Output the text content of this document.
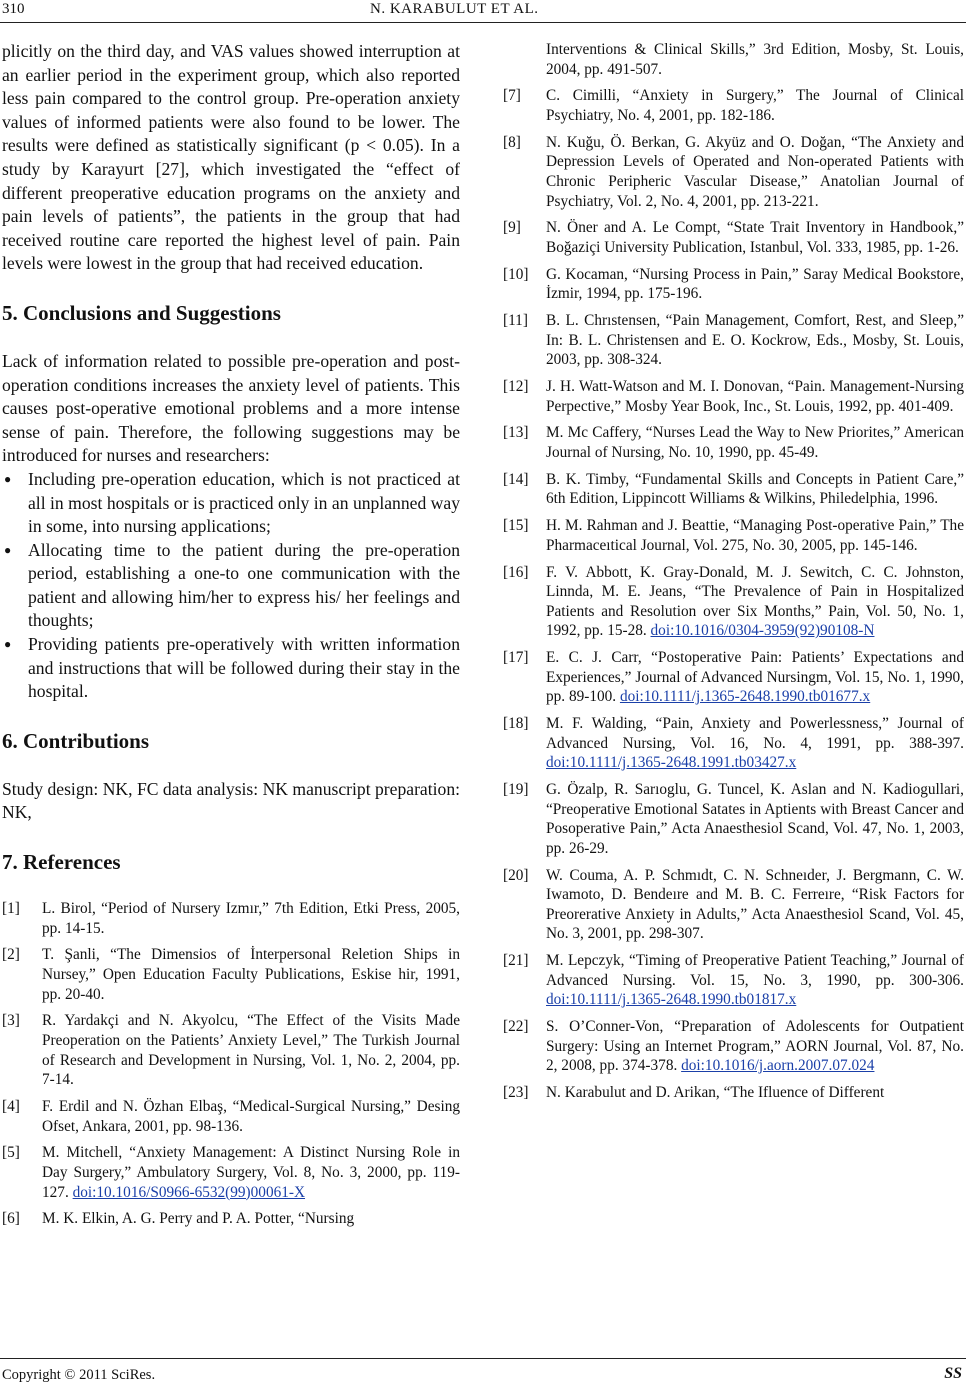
310	N. KARABULUT ET AL.

plicitly on the third day, and VAS values showed interruption at an earlier period in the experiment group, which also reported less pain compared to the control group. Pre-operation anxiety values of informed patients were also found to be lower. The results were defined as statistically significant (p < 0.05). In a study by Karayurt [27], which investigated the “effect of different preoperative education programs on the anxiety and pain levels of patients”, the patients in the group that had received routine care reported the highest level of pain. Pain levels were lowest in the group that had received education.

5. Conclusions and Suggestions

Lack of information related to possible pre-operation and post-operation conditions increases the anxiety level of patients. This causes post-operative emotional problems and a more intense sense of pain. Therefore, the following suggestions may be introduced for nurses and researchers:

● Including pre-operation education, which is not practiced at all in most hospitals or is practiced only in an unplanned way in some, into nursing applications;
● Allocating time to the patient during the pre-operation period, establishing a one-to one communication with the patient and allowing him/her to express his/ her feelings and thoughts;
● Providing patients pre-operatively with written information and instructions that will be followed during their stay in the hospital.
6. Contributions

Study design: NK, FC data analysis: NK manuscript preparation: NK,

7. References
[1] L. Birol, “Period of Nursery Izmır,” 7th Edition, Etki Press, 2005, pp. 14-15.
[2] T. Şanli, “The Dimensios of İnterpersonal Reletion Ships in Nursey,” Open Education Faculty Publications, Eskise hir, 1991, pp. 20-40.
[3] R. Yardakçi and N. Akyolcu, “The Effect of the Visits Made Preoperation on the Patients’ Anxiety Level,” The Turkish Journal of Research and Development in Nursing, Vol. 1, No. 2, 2004, pp. 7-14.
[4] F. Erdil and N. Özhan Elbaş, “Medical-Surgical Nursing,” Desing Ofset, Ankara, 2001, pp. 98-136.
[5] M. Mitchell, “Anxiety Management: A Distinct Nursing Role in Day Surgery,” Ambulatory Surgery, Vol. 8, No. 3, 2000, pp. 119-127. doi:10.1016/S0966-6532(99)00061-X
[6] M. K. Elkin, A. G. Perry and P. A. Potter, “Nursing
Interventions & Clinical Skills,” 3rd Edition, Mosby, St. Louis, 2004, pp. 491-507.
[7] C. Cimilli, “Anxiety in Surgery,” The Journal of Clinical Psychiatry, No. 4, 2001, pp. 182-186.
[8] N. Kuğu, Ö. Berkan, G. Akyüz and O. Doğan, “The Anxiety and Depression Levels of Operated and Non-operated Patients with Chronic Peripheric Vascular Disease,” Anatolian Journal of Psychiatry, Vol. 2, No. 4, 2001, pp. 213-221.
[9] N. Öner and A. Le Compt, “State Trait Inventory in Handbook,” Boğaziçi University Publication, Istanbul, Vol. 333, 1985, pp. 1-26.
[10] G. Kocaman, “Nursing Process in Pain,” Saray Medical Bookstore, İzmir, 1994, pp. 175-196.
[11] B. L. Chrıstensen, “Pain Management, Comfort, Rest, and Sleep,” In: B. L. Christensen and E. O. Kockrow, Eds., Mosby, St. Louis, 2003, pp. 308-324.
[12] J. H. Watt-Watson and M. I. Donovan, “Pain. Management-Nursing Perpective,” Mosby Year Book, Inc., St. Louis, 1992, pp. 401-409.
[13] M. Mc Caffery, “Nurses Lead the Way to New Priorites,” American Journal of Nursing, No. 10, 1990, pp. 45-49.
[14] B. K. Timby, “Fundamental Skills and Concepts in Patient Care,” 6th Edition, Lippincott Williams & Wilkins, Philedelphia, 1996.
[15] H. M. Rahman and J. Beattie, “Managing Post-operative Pain,” The Pharmaceıtical Journal, Vol. 275, No. 30, 2005, pp. 145-146.
[16] F. V. Abbott, K. Gray-Donald, M. J. Sewitch, C. C. Johnston, Linnda, M. E. Jeans, “The Prevalence of Pain in Hospitalized Patients and Resolution over Six Months,” Pain, Vol. 50, No. 1, 1992, pp. 15-28. doi:10.1016/0304-3959(92)90108-N
[17] E. C. J. Carr, “Postoperative Pain: Patients’ Expectations and Experiences,” Journal of Advanced Nursingm, Vol. 15, No. 1, 1990, pp. 89-100. doi:10.1111/j.1365-2648.1990.tb01677.x
[18] M. F. Walding, “Pain, Anxiety and Powerlessness,” Journal of Advanced Nursing, Vol. 16, No. 4, 1991, pp. 388-397. doi:10.1111/j.1365-2648.1991.tb03427.x
[19] G. Özalp, R. Sarıoglu, G. Tuncel, K. Aslan and N. Kadiogullari, “Preoperative Emotional Satates in Aptients with Breast Cancer and Posoperative Pain,” Acta Anaesthesiol Scand, Vol. 47, No. 1, 2003, pp. 26-29.
[20] W. Couma, A. P. Schmıdt, C. N. Schneıder, J. Bergmann, C. W. Iwamoto, D. Bendeıre and M. B. C. Ferreıre, “Risk Factors for Preorerative Anxiety in Adults,” Acta Anaesthesiol Scand, Vol. 45, No. 3, 2001, pp. 298-307.
[21] M. Lepczyk, “Timing of Preoperative Patient Teaching,” Journal of Advanced Nursing. Vol. 15, No. 3, 1990, pp. 300-306. doi:10.1111/j.1365-2648.1990.tb01817.x
[22] S. O’Conner-Von, “Preparation of Adolescents for Outpatient Surgery: Using an Internet Program,” AORN Journal, Vol. 87, No. 2, 2008, pp. 374-378. doi:10.1016/j.aorn.2007.07.024
[23] N. Karabulut and D. Arikan, “The Ifluence of Different
Copyright © 2011 SciRes.	SS
